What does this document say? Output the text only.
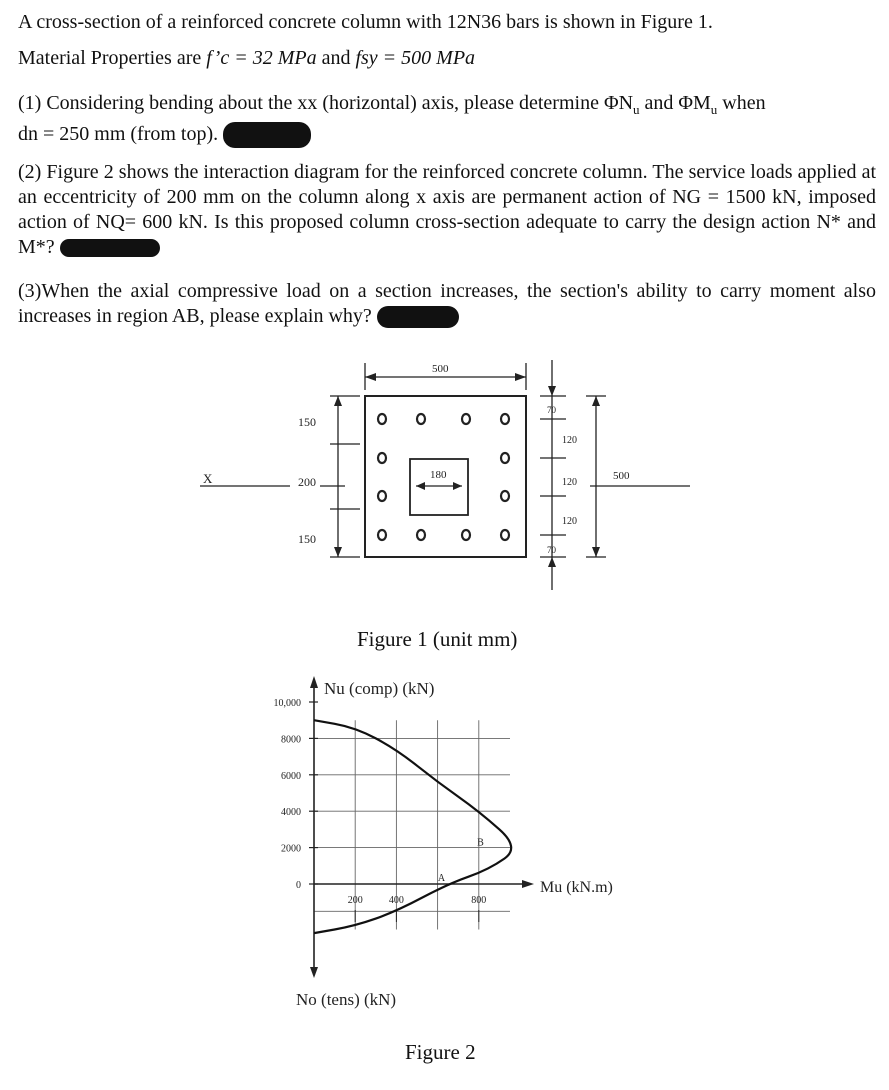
A cross-section of a reinforced concrete column with 12N36 bars is shown in Figure 1.

Material Properties are f’c = 32 MPa and fsy = 500 MPa

(1) Considering bending about the xx (horizontal) axis, please determine $\Phi N_u$ and $\Phi M_u$ when
dn = 250 mm (from top).

(2) Figure 2 shows the interaction diagram for the reinforced concrete column. The service loads applied at an eccentricity of 200 mm on the column along x axis are permanent action of NG = 1500 kN, imposed action of NQ= 600 kN. Is this proposed column cross-section adequate to carry the design action N* and M*?

(3)When the axial compressive load on a section increases, the section's ability to carry moment also increases in region AB, please explain why?

X
500
180
150
200
150
70
120
120
120
70
500
Figure 1 (unit mm)
10,000
8000
6000
4000
2000
0
200	400	800
Nu (comp) (kN)
No (tens) (kN)
Mu (kN.m)
A
B
Figure 2
